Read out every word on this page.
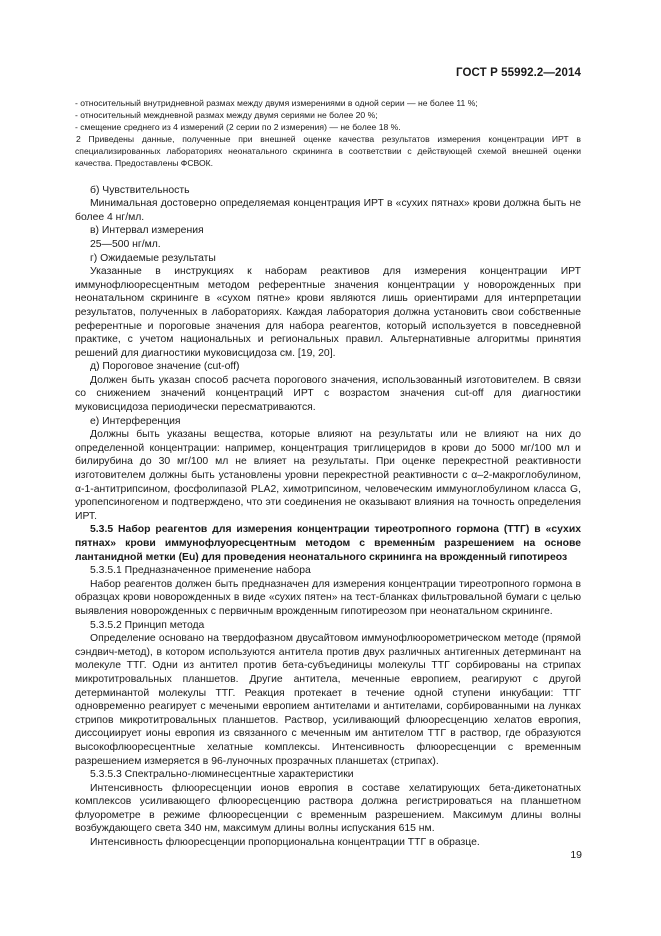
ГОСТ Р 55992.2—2014

- относительный внутридневной размах между двумя измерениями в одной серии — не более 11 %;

- относительный междневной размах между двумя сериями не более 20 %;

- смещение среднего из 4 измерений (2 серии по 2 измерения) — не более 18 %.

2 Приведены данные, полученные при внешней оценке качества результатов измерения концентрации ИРТ в специализированных лабораториях неонатального скрининга в соответствии с действующей схемой внешней оценки качества. Предоставлены ФСВОК.

б) Чувствительность

Минимальная достоверно определяемая концентрация ИРТ в «сухих пятнах» крови должна быть не более 4 нг/мл.

в) Интервал измерения

25—500 нг/мл.

г) Ожидаемые результаты

Указанные в инструкциях к наборам реактивов для измерения концентрации ИРТ иммунофлюоресцентным методом референтные значения концентрации у новорожденных при неонатальном скрининге в «сухом пятне» крови являются лишь ориентирами для интерпретации результатов, полученных в лабораториях. Каждая лаборатория должна установить свои собственные референтные и пороговые значения для набора реагентов, который используется в повседневной практике, с учетом национальных и региональных правил. Альтернативные алгоритмы принятия решений для диагностики муковисцидоза см. [19, 20].

д) Пороговое значение (cut-off)

Должен быть указан способ расчета порогового значения, использованный изготовителем. В связи со снижением значений концентраций ИРТ с возрастом значения cut-off для диагностики муковисцидоза периодически пересматриваются.

е) Интерференция

Должны быть указаны вещества, которые влияют на результаты или не влияют на них до определенной концентрации: например, концентрация триглицеридов в крови до 5000 мг/100 мл и билирубина до 30 мг/100 мл не влияет на результаты. При оценке перекрестной реактивности изготовителем должны быть установлены уровни перекрестной реактивности с α–2-макроглобулином, α-1-антитрипсином, фосфолипазой PLA2, химотрипсином, человеческим иммуноглобулином класса G, уропепсиногеном и подтверждено, что эти соединения не оказывают влияния на точность определения ИРТ.

5.3.5 Набор реагентов для измерения концентрации тиреотропного гормона (ТТГ) в «сухих пятнах» крови иммунофлуоресцентным методом с временны́м разрешением на основе лантанидной метки (Eu) для проведения неонатального скрининга на врожденный гипотиреоз

5.3.5.1 Предназначенное применение набора

Набор реагентов должен быть предназначен для измерения концентрации тиреотропного гормона в образцах крови новорожденных в виде «сухих пятен» на тест-бланках фильтровальной бумаги с целью выявления новорожденных с первичным врожденным гипотиреозом при неонатальном скрининге.

5.3.5.2 Принцип метода

Определение основано на твердофазном двусайтовом иммунофлюорометрическом методе (прямой сэндвич-метод), в котором используются антитела против двух различных антигенных детерминант на молекуле ТТГ. Одни из антител против бета-субъединицы молекулы ТТГ сорбированы на стрипах микротитровальных планшетов. Другие антитела, меченные европием, реагируют с другой детерминантой молекулы ТТГ. Реакция протекает в течение одной ступени инкубации: ТТГ одновременно реагирует с мечеными европием антителами и антителами, сорбированными на лунках стрипов микротитровальных планшетов. Раствор, усиливающий флюоресценцию хелатов европия, диссоциирует ионы европия из связанного с меченным им антителом ТТГ в раствор, где образуются высокофлюоресцентные хелатные комплексы. Интенсивность флюоресценции с временным разрешением измеряется в 96-луночных прозрачных планшетах (стрипах).

5.3.5.3 Спектрально-люминесцентные характеристики

Интенсивность флюоресценции ионов европия в составе хелатирующих бета-дикетонатных комплексов усиливающего флюоресценцию раствора должна регистрироваться на планшетном флуорометре в режиме флюоресценции с временным разрешением. Максимум длины волны возбуждающего света 340 нм, максимум длины волны испускания 615 нм.

Интенсивность флюоресценции пропорциональна концентрации ТТГ в образце.

19
